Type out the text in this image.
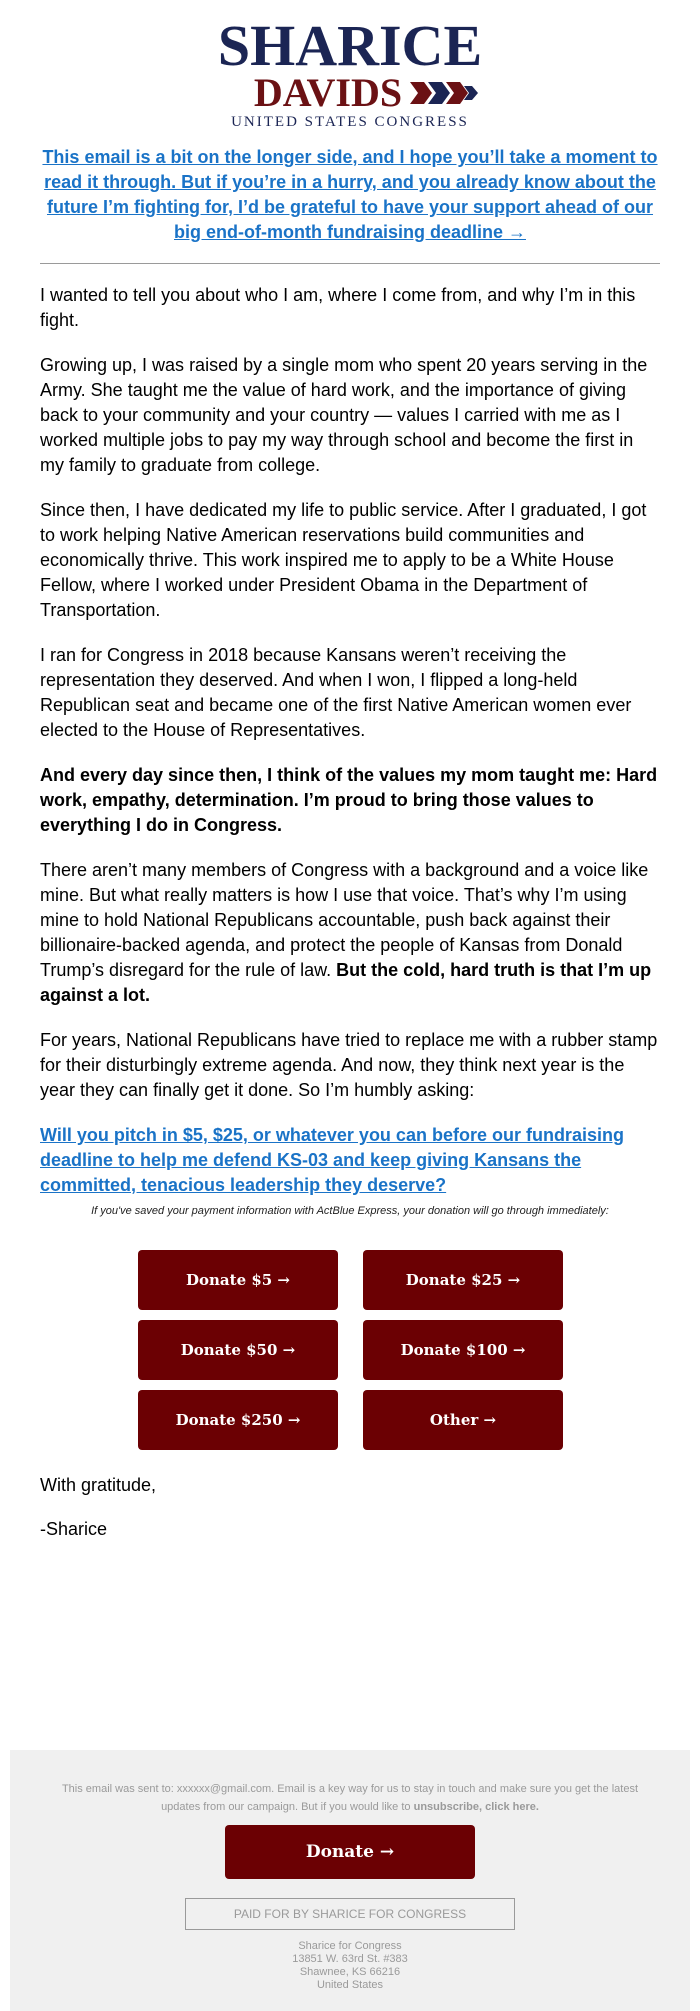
SHARICE
DAVIDS
UNITED STATES CONGRESS
This email is a bit on the longer side, and I hope you’ll take a moment to read it through. But if you’re in a hurry, and you already know about the future I’m fighting for, I’d be grateful to have your support ahead of our big end-of-month fundraising deadline →

I wanted to tell you about who I am, where I come from, and why I’m in this fight.

Growing up, I was raised by a single mom who spent 20 years serving in the Army. She taught me the value of hard work, and the importance of giving back to your community and your country — values I carried with me as I worked multiple jobs to pay my way through school and become the first in my family to graduate from college.

Since then, I have dedicated my life to public service. After I graduated, I got to work helping Native American reservations build communities and economically thrive. This work inspired me to apply to be a White House Fellow, where I worked under President Obama in the Department of Transportation.

I ran for Congress in 2018 because Kansans weren’t receiving the representation they deserved. And when I won, I flipped a long-held Republican seat and became one of the first Native American women ever elected to the House of Representatives.

And every day since then, I think of the values my mom taught me: Hard work, empathy, determination. I’m proud to bring those values to everything I do in Congress.

There aren’t many members of Congress with a background and a voice like mine. But what really matters is how I use that voice. That’s why I’m using mine to hold National Republicans accountable, push back against their billionaire-backed agenda, and protect the people of Kansas from Donald Trump’s disregard for the rule of law. But the cold, hard truth is that I’m up against a lot.

For years, National Republicans have tried to replace me with a rubber stamp for their disturbingly extreme agenda. And now, they think next year is the year they can finally get it done. So I’m humbly asking:

Will you pitch in $5, $25, or whatever you can before our fundraising deadline to help me defend KS-03 and keep giving Kansans the committed, tenacious leadership they deserve?

If you've saved your payment information with ActBlue Express, your donation will go through immediately:
Donate $5 →	Donate $25 →
Donate $50 →	Donate $100 →
Donate $250 →	Other →

With gratitude,

-Sharice

This email was sent to: xxxxxx@gmail.com. Email is a key way for us to stay in touch and make sure you get the latest updates from our campaign. But if you would like to unsubscribe, click here.
Donate →
PAID FOR BY SHARICE FOR CONGRESS
Sharice for Congress
13851 W. 63rd St. #383
Shawnee, KS 66216
United States
